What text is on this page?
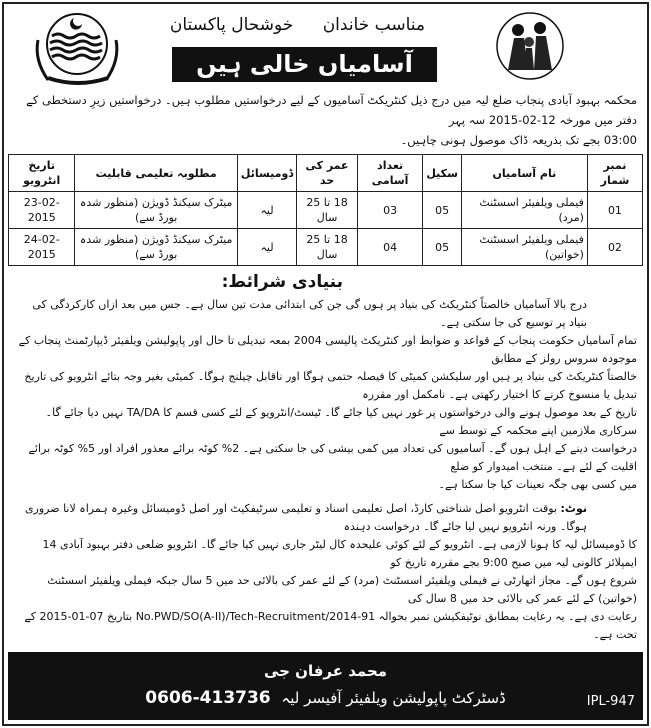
مناسب خاندان خوشحال پاکستان
آسامیاں خالی ہیں
محکمہ بہبود آبادی پنجاب ضلع لیہ میں درج ذیل کنٹریکٹ آسامیوں کے لیے درخواستیں مطلوب ہیں۔ درخواستیں زیرِ دستخطی کے دفتر میں مورخہ 12-02-2015 سہ پہر
03:00 بجے تک بذریعہ ڈاک موصول ہونی چاہیں۔
نمبر شمار	نام آسامیاں	سکیل	تعداد آسامی	عمر کی حد	ڈومیسائل	مطلوبہ تعلیمی قابلیت	تاریخ انٹرویو
01	فیملی ویلفیئر اسسٹنٹ (مرد)	05	03	18 تا 25 سال	لیہ	میٹرک سیکنڈ ڈویژن (منظور شدہ بورڈ سے)	23-02-2015
02	فیملی ویلفیئر اسسٹنٹ (خواتین)	05	04	18 تا 25 سال	لیہ	میٹرک سیکنڈ ڈویژن (منظور شدہ بورڈ سے)	24-02-2015
بنیادی شرائط:
درج بالا آسامیاں خالصتاً کنٹریکٹ کی بنیاد پر ہوں گی جن کی ابتدائی مدت تین سال ہے۔ جس میں بعد ازاں کارکردگی کی بنیاد پر توسیع کی جا سکتی ہے۔
تمام آسامیاں حکومت پنجاب کے قواعد و ضوابط اور کنٹریکٹ پالیسی 2004 بمعہ تبدیلی تا حال اور پاپولیشن ویلفیئر ڈیپارٹمنٹ پنجاب کے موجودہ سروس رولز کے مطابق
خالصتاً کنٹریکٹ کی بنیاد پر ہیں اور سلیکشن کمیٹی کا فیصلہ حتمی ہوگا اور ناقابل چیلنج ہوگا۔ کمیٹی بغیر وجہ بتائے انٹرویو کی تاریخ تبدیل یا منسوخ کرنے کا اختیار رکھتی ہے۔ نامکمل اور مقررہ
تاریخ کے بعد موصول ہونے والی درخواستوں پر غور نہیں کیا جائے گا۔ ٹیسٹ/انٹرویو کے لئے کسی قسم کا TA/DA نہیں دیا جائے گا۔ سرکاری ملازمین اپنے محکمہ کے توسط سے
درخواست دینے کے اہل ہوں گے۔ آسامیوں کی تعداد میں کمی بیشی کی جا سکتی ہے۔ 2% کوٹہ برائے معذور افراد اور 5% کوٹہ برائے اقلیت کے لئے ہے۔ منتخب امیدوار کو ضلع
میں کسی بھی جگہ تعینات کیا جا سکتا ہے۔
نوٹ: بوقت انٹرویو اصل شناختی کارڈ، اصل تعلیمی اسناد و تعلیمی سرٹیفکیٹ اور اصل ڈومیسائل وغیرہ ہمراہ لانا ضروری ہوگا۔ ورنہ انٹرویو نہیں لیا جائے گا۔ درخواست دہندہ
کا ڈومیسائل لیہ کا ہونا لازمی ہے۔ انٹرویو کے لئے کوئی علیحدہ کال لیٹر جاری نہیں کیا جائے گا۔ انٹرویو ضلعی دفتر بہبود آبادی 14 ایمپلائز کالونی لیہ میں صبح 9:00 بجے مقررہ تاریخ کو
شروع ہوں گے۔ مجاز اتھارٹی نے فیملی ویلفیئر اسسٹنٹ (مرد) کے لئے عمر کی بالائی حد میں 5 سال جبکہ فیملی ویلفیئر اسسٹنٹ (خواتین) کے لئے عمر کی بالائی حد میں 8 سال کی
رعایت دی ہے۔ یہ رعایت بمطابق نوٹیفکیشن نمبر بحوالہ No.PWD/SO(A-II)/Tech-Recruitment/2014-91 بتاریخ 07-01-2015 کے تحت ہے۔
محمد عرفان جی
ڈسٹرکٹ پاپولیشن ویلفیئر آفیسر لیہ 0606-413736	IPL-947
